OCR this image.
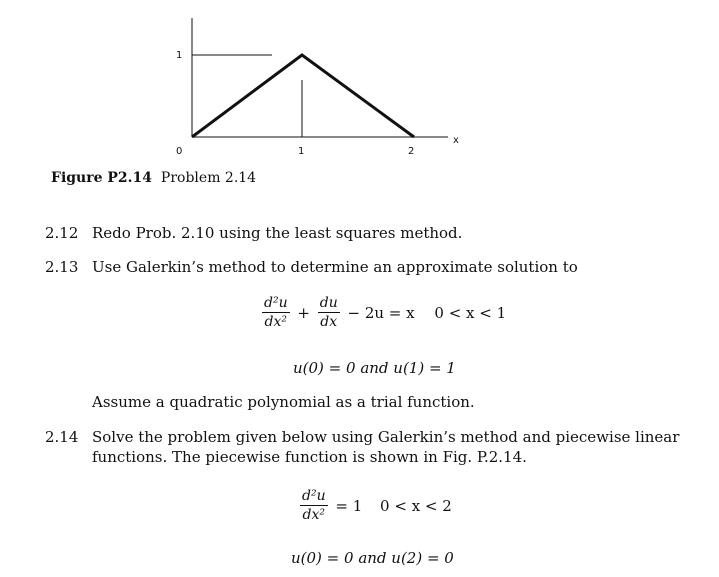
1
0	1	2
x
Figure P2.14 Problem 2.14
2.12 Redo Prob. 2.10 using the least squares method.
2.13 Use Galerkin’s method to determine an approximate solution to
$\frac{\text{d²u}}{\text{dx²}} + \frac{du}{dx} - 2u = x$ 0 < x < 1
u(0) = 0 and u(1) = 1
Assume a quadratic polynomial as a trial function.
2.14 Solve the problem given below using Galerkin’s method and piecewise linear
functions. The piecewise function is shown in Fig. P.2.14.
$\frac{\text{d²u}}{\text{dx²}} = 1$ 0 < x < 2
u(0) = 0 and u(2) = 0
